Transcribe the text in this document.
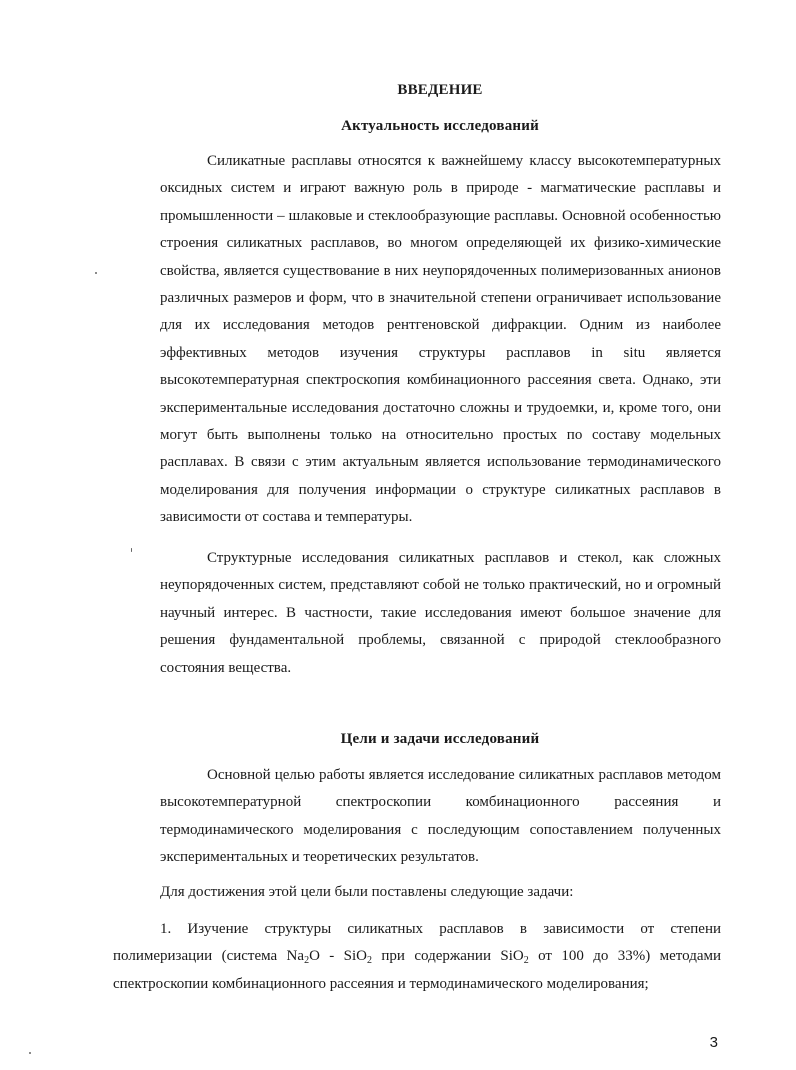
ВВЕДЕНИЕ
Актуальность исследований
Силикатные расплавы относятся к важнейшему классу высокотемпературных
оксидных систем и играют важную роль в природе - магматические расплавы и
промышленности – шлаковые и стеклообразующие расплавы. Основной особенностью
строения силикатных расплавов, во многом определяющей их физико-химические
свойства, является существование в них неупорядоченных полимеризованных анионов
различных размеров и форм, что в значительной степени ограничивает использование
для их исследования методов рентгеновской дифракции. Одним из наиболее
эффективных методов изучения структуры расплавов in situ является
высокотемпературная спектроскопия комбинационного рассеяния света. Однако, эти
экспериментальные исследования достаточно сложны и трудоемки, и, кроме того, они
могут быть выполнены только на относительно простых по составу модельных
расплавах. В связи с этим актуальным является использование термодинамического
моделирования для получения информации о структуре силикатных расплавов в
зависимости от состава и температуры.
Структурные исследования силикатных расплавов и стекол, как сложных
неупорядоченных систем, представляют собой не только практический, но и огромный
научный интерес. В частности, такие исследования имеют большое значение для
решения фундаментальной проблемы, связанной с природой стеклообразного
состояния вещества.
Цели и задачи исследований
Основной целью работы является исследование силикатных расплавов методом
высокотемпературной спектроскопии комбинационного рассеяния и
термодинамического моделирования с последующим сопоставлением полученных
экспериментальных и теоретических результатов.
Для достижения этой цели были поставлены следующие задачи:
1. Изучение структуры силикатных расплавов в зависимости от степени
полимеризации (система $Na_2O - SiO_2$ при содержании SiO$_2$ от 100 до 33%) методами
спектроскопии комбинационного рассеяния и термодинамического моделирования;
3
